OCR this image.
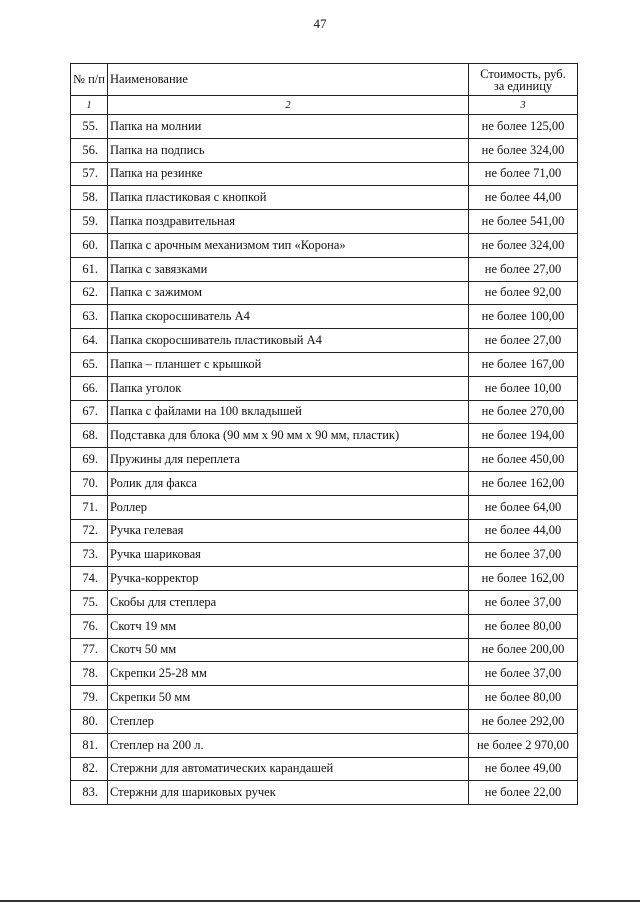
47
№ п/п	Наименование	Стоимость, руб.
за единицу

1	2	3
55.	Папка на молнии	не более 125,00
56.	Папка на подпись	не более 324,00
57.	Папка на резинке	не более 71,00
58.	Папка пластиковая с кнопкой	не более 44,00
59.	Папка поздравительная	не более 541,00
60.	Папка с арочным механизмом тип «Корона»	не более 324,00
61.	Папка с завязками	не более 27,00
62.	Папка с зажимом	не более 92,00
63.	Папка скоросшиватель А4	не более 100,00
64.	Папка скоросшиватель пластиковый А4	не более 27,00
65.	Папка – планшет с крышкой	не более 167,00
66.	Папка уголок	не более 10,00
67.	Папка с файлами на 100 вкладышей	не более 270,00
68.	Подставка для блока (90 мм х 90 мм х 90 мм, пластик)	не более 194,00
69.	Пружины для переплета	не более 450,00
70.	Ролик для факса	не более 162,00
71.	Роллер	не более 64,00
72.	Ручка гелевая	не более 44,00
73.	Ручка шариковая	не более 37,00
74.	Ручка-корректор	не более 162,00
75.	Скобы для степлера	не более 37,00
76.	Скотч 19 мм	не более 80,00
77.	Скотч 50 мм	не более 200,00
78.	Скрепки 25-28 мм	не более 37,00
79.	Скрепки 50 мм	не более 80,00
80.	Степлер	не более 292,00
81.	Степлер на 200 л.	не более 2 970,00
82.	Стержни для автоматических карандашей	не более 49,00
83.	Стержни для шариковых ручек	не более 22,00
